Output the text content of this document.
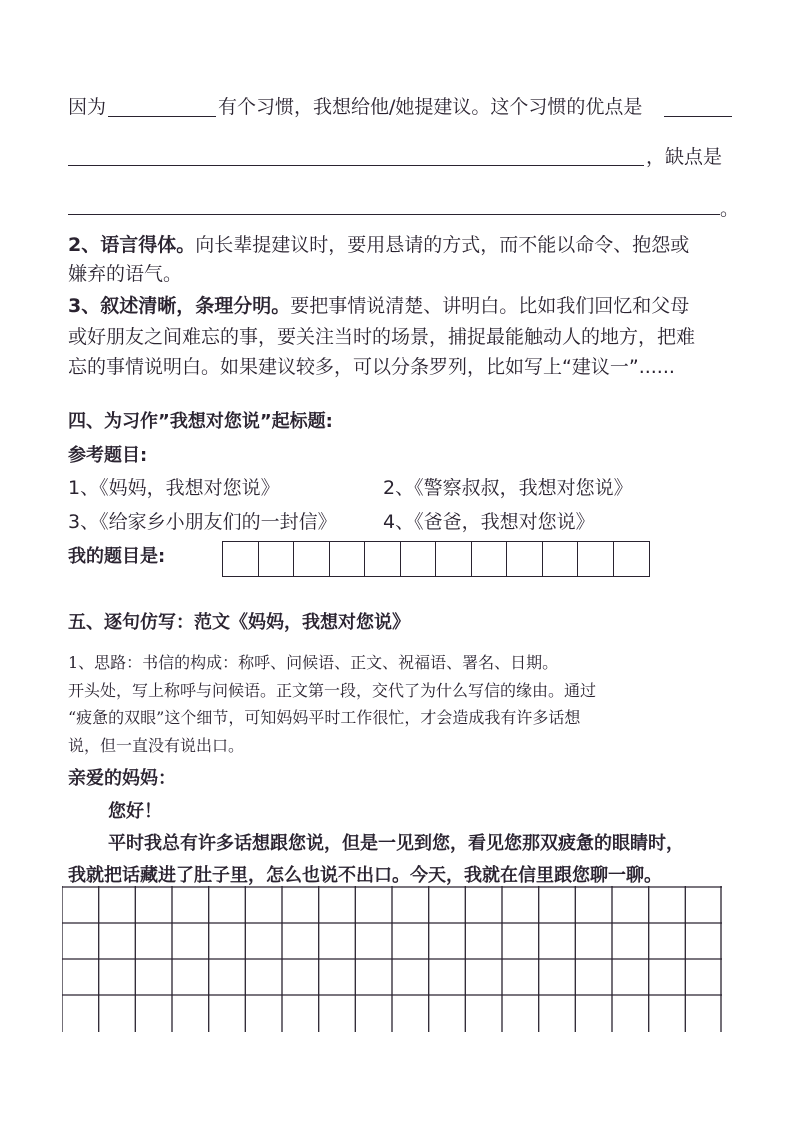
因为	有个习惯，我想给他/她提建议。这个习惯的优点是
，缺点是
。
2、语言得体。向长辈提建议时，要用恳请的方式，而不能以命令、抱怨或
嫌弃的语气。
3、叙述清晰，条理分明。要把事情说清楚、讲明白。比如我们回忆和父母
或好朋友之间难忘的事，要关注当时的场景，捕捉最能触动人的地方，把难
忘的事情说明白。如果建议较多，可以分条罗列，比如写上“建议一”......
四、为习作”我想对您说”起标题:
参考题目:
1、《妈妈，我想对您说》	2、《警察叔叔，我想对您说》
3、《给家乡小朋友们的一封信》 4、《爸爸，我想对您说》
我的题目是:
五、逐句仿写：范文《妈妈，我想对您说》
1、思路：书信的构成：称呼、问候语、正文、祝福语、署名、日期。
开头处，写上称呼与问候语。正文第一段，交代了为什么写信的缘由。通过
“疲惫的双眼”这个细节，可知妈妈平时工作很忙，才会造成我有许多话想
说，但一直没有说出口。
亲爱的妈妈：
您好！
平时我总有许多话想跟您说，但是一见到您，看见您那双疲惫的眼睛时，
我就把话藏进了肚子里，怎么也说不出口。今天，我就在信里跟您聊一聊。
